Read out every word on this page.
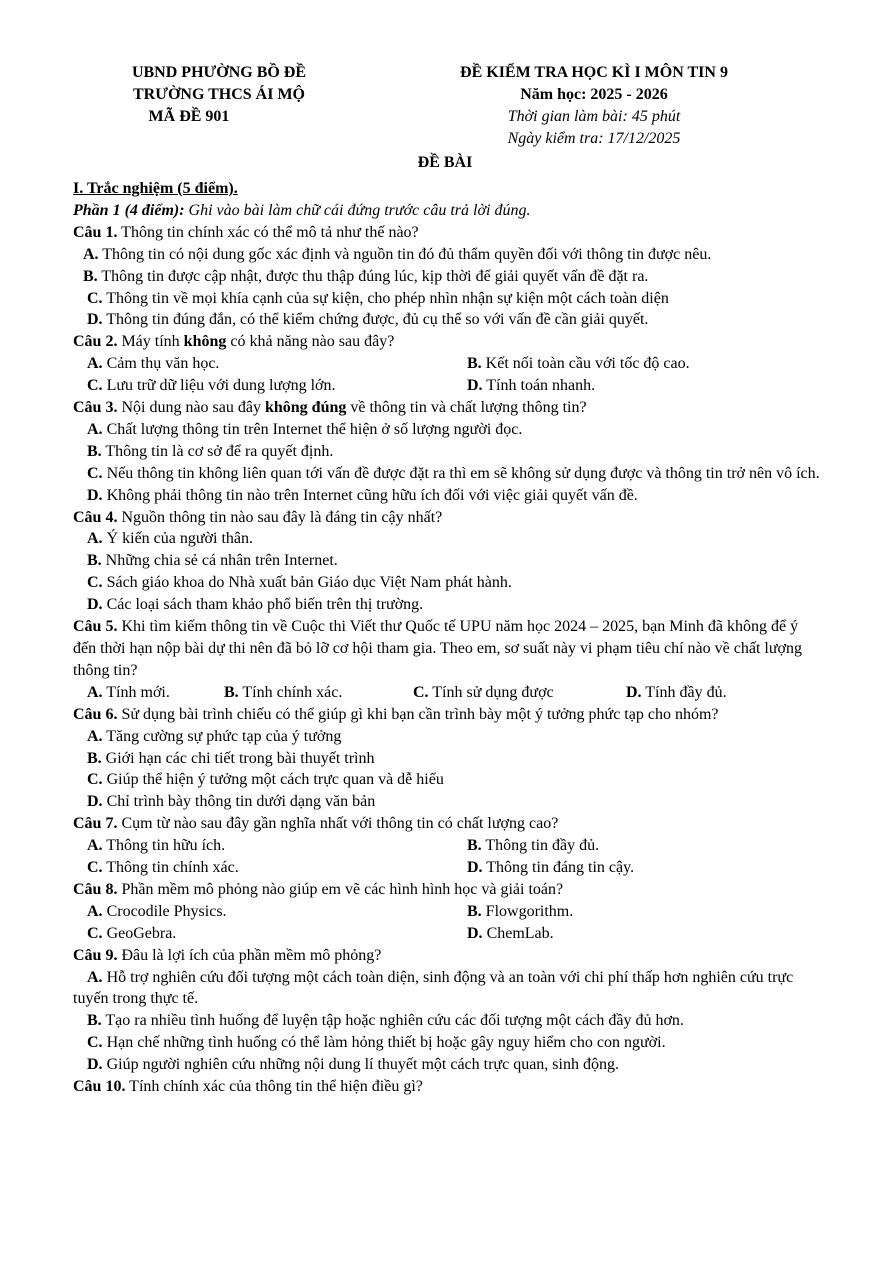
UBND PHƯỜNG BỒ ĐỀ
TRƯỜNG THCS ÁI MỘ
MÃ ĐỀ 901
ĐỀ KIỂM TRA HỌC KÌ I MÔN TIN 9
Năm học: 2025 - 2026
Thời gian làm bài: 45 phút
Ngày kiểm tra: 17/12/2025
ĐỀ BÀI
I. Trắc nghiệm (5 điểm).
Phần 1 (4 điểm): Ghi vào bài làm chữ cái đứng trước câu trả lời đúng.
Câu 1. Thông tin chính xác có thể mô tả như thế nào?
A. Thông tin có nội dung gốc xác định và nguồn tin đó đủ thẩm quyền đối với thông tin được nêu.
B. Thông tin được cập nhật, được thu thập đúng lúc, kịp thời để giải quyết vấn đề đặt ra.
C. Thông tin về mọi khía cạnh của sự kiện, cho phép nhìn nhận sự kiện một cách toàn diện
D. Thông tin đúng đắn, có thể kiểm chứng được, đủ cụ thể so với vấn đề cần giải quyết.
Câu 2. Máy tính không có khả năng nào sau đây?
A. Cảm thụ văn học.	B. Kết nối toàn cầu với tốc độ cao.
C. Lưu trữ dữ liệu với dung lượng lớn.	D. Tính toán nhanh.
Câu 3. Nội dung nào sau đây không đúng về thông tin và chất lượng thông tin?
A. Chất lượng thông tin trên Internet thể hiện ở số lượng người đọc.
B. Thông tin là cơ sở để ra quyết định.
C. Nếu thông tin không liên quan tới vấn đề được đặt ra thì em sẽ không sử dụng được và thông tin trở nên vô ích.
D. Không phải thông tin nào trên Internet cũng hữu ích đối với việc giải quyết vấn đề.
Câu 4. Nguồn thông tin nào sau đây là đáng tin cậy nhất?
A. Ý kiến của người thân.
B. Những chia sẻ cá nhân trên Internet.
C. Sách giáo khoa do Nhà xuất bản Giáo dục Việt Nam phát hành.
D. Các loại sách tham khảo phổ biến trên thị trường.
Câu 5. Khi tìm kiếm thông tin về Cuộc thi Viết thư Quốc tế UPU năm học 2024 – 2025, bạn Minh đã không để ý đến thời hạn nộp bài dự thi nên đã bỏ lỡ cơ hội tham gia. Theo em, sơ suất này vi phạm tiêu chí nào về chất lượng thông tin?
A. Tính mới.	B. Tính chính xác.	C. Tính sử dụng được	D. Tính đầy đủ.
Câu 6. Sử dụng bài trình chiếu có thể giúp gì khi bạn cần trình bày một ý tưởng phức tạp cho nhóm?
A. Tăng cường sự phức tạp của ý tưởng
B. Giới hạn các chi tiết trong bài thuyết trình
C. Giúp thể hiện ý tưởng một cách trực quan và dễ hiểu
D. Chỉ trình bày thông tin dưới dạng văn bản
Câu 7. Cụm từ nào sau đây gần nghĩa nhất với thông tin có chất lượng cao?
A. Thông tin hữu ích.	B. Thông tin đầy đủ.
C. Thông tin chính xác.	D. Thông tin đáng tin cậy.
Câu 8. Phần mềm mô phỏng nào giúp em vẽ các hình hình học và giải toán?
A. Crocodile Physics.	B. Flowgorithm.
C. GeoGebra.	D. ChemLab.
Câu 9. Đâu là lợi ích của phần mềm mô phỏng?
A. Hỗ trợ nghiên cứu đối tượng một cách toàn diện, sinh động và an toàn với chi phí thấp hơn nghiên cứu trực tuyến trong thực tế.
B. Tạo ra nhiều tình huống để luyện tập hoặc nghiên cứu các đối tượng một cách đầy đủ hơn.
C. Hạn chế những tình huống có thể làm hỏng thiết bị hoặc gây nguy hiểm cho con người.
D. Giúp người nghiên cứu những nội dung lí thuyết một cách trực quan, sinh động.
Câu 10. Tính chính xác của thông tin thể hiện điều gì?
